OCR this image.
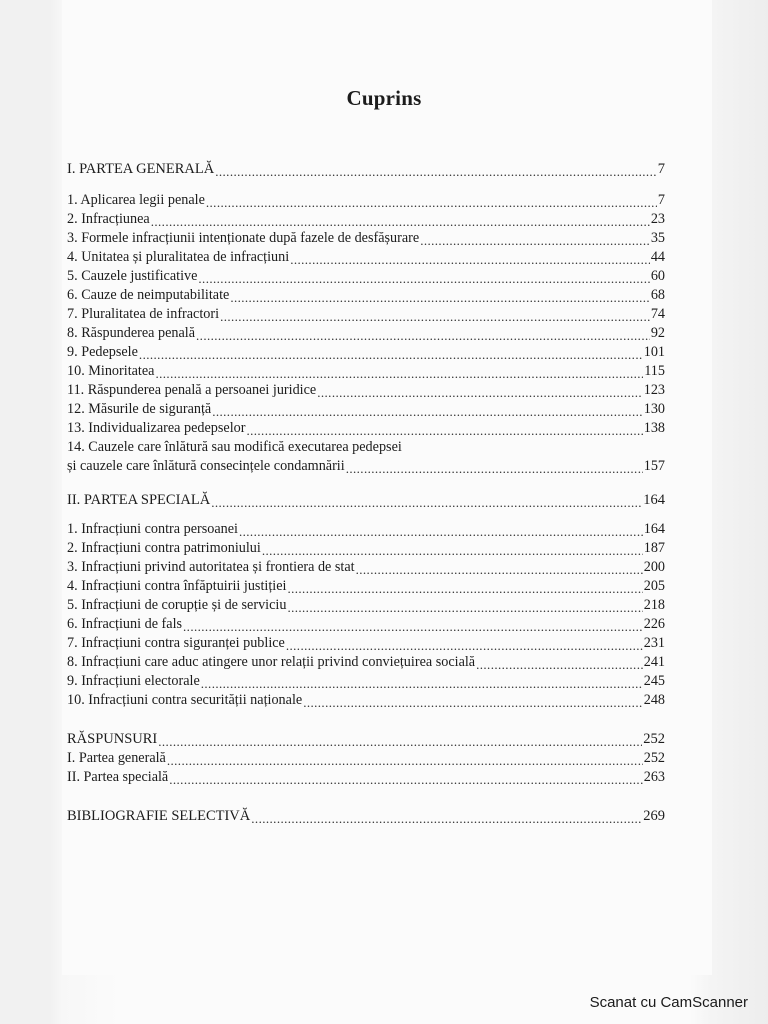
Cuprins
I. PARTEA GENERALĂ .....	7
1. Aplicarea legii penale .....	7
2. Infracțiunea .....	23
3. Formele infracțiunii intenționate după fazele de desfășurare .....	35
4. Unitatea și pluralitatea de infracțiuni .....	44
5. Cauzele justificative .....	60
6. Cauze de neimputabilitate .....	68
7. Pluralitatea de infractori .....	74
8. Răspunderea penală .....	92
9. Pedepsele .....	101
10. Minoritatea .....	115
11. Răspunderea penală a persoanei juridice .....	123
12. Măsurile de siguranță .....	130
13. Individualizarea pedepselor .....	138
14. Cauzele care înlătură sau modifică executarea pedepsei
și cauzele care înlătură consecințele condamnării .....	157
II. PARTEA SPECIALĂ .....	164
1. Infracțiuni contra persoanei .....	164
2. Infracțiuni contra patrimoniului .....	187
3. Infracțiuni privind autoritatea și frontiera de stat .....	200
4. Infracțiuni contra înfăptuirii justiției .....	205
5. Infracțiuni de corupție și de serviciu .....	218
6. Infracțiuni de fals .....	226
7. Infracțiuni contra siguranței publice .....	231
8. Infracțiuni care aduc atingere unor relații privind conviețuirea socială .....	241
9. Infracțiuni electorale .....	245
10. Infracțiuni contra securității naționale .....	248
RĂSPUNSURI .....	252
I. Partea generală .....	252
II. Partea specială .....	263
BIBLIOGRAFIE SELECTIVĂ .....	269
Scanat cu CamScanner
